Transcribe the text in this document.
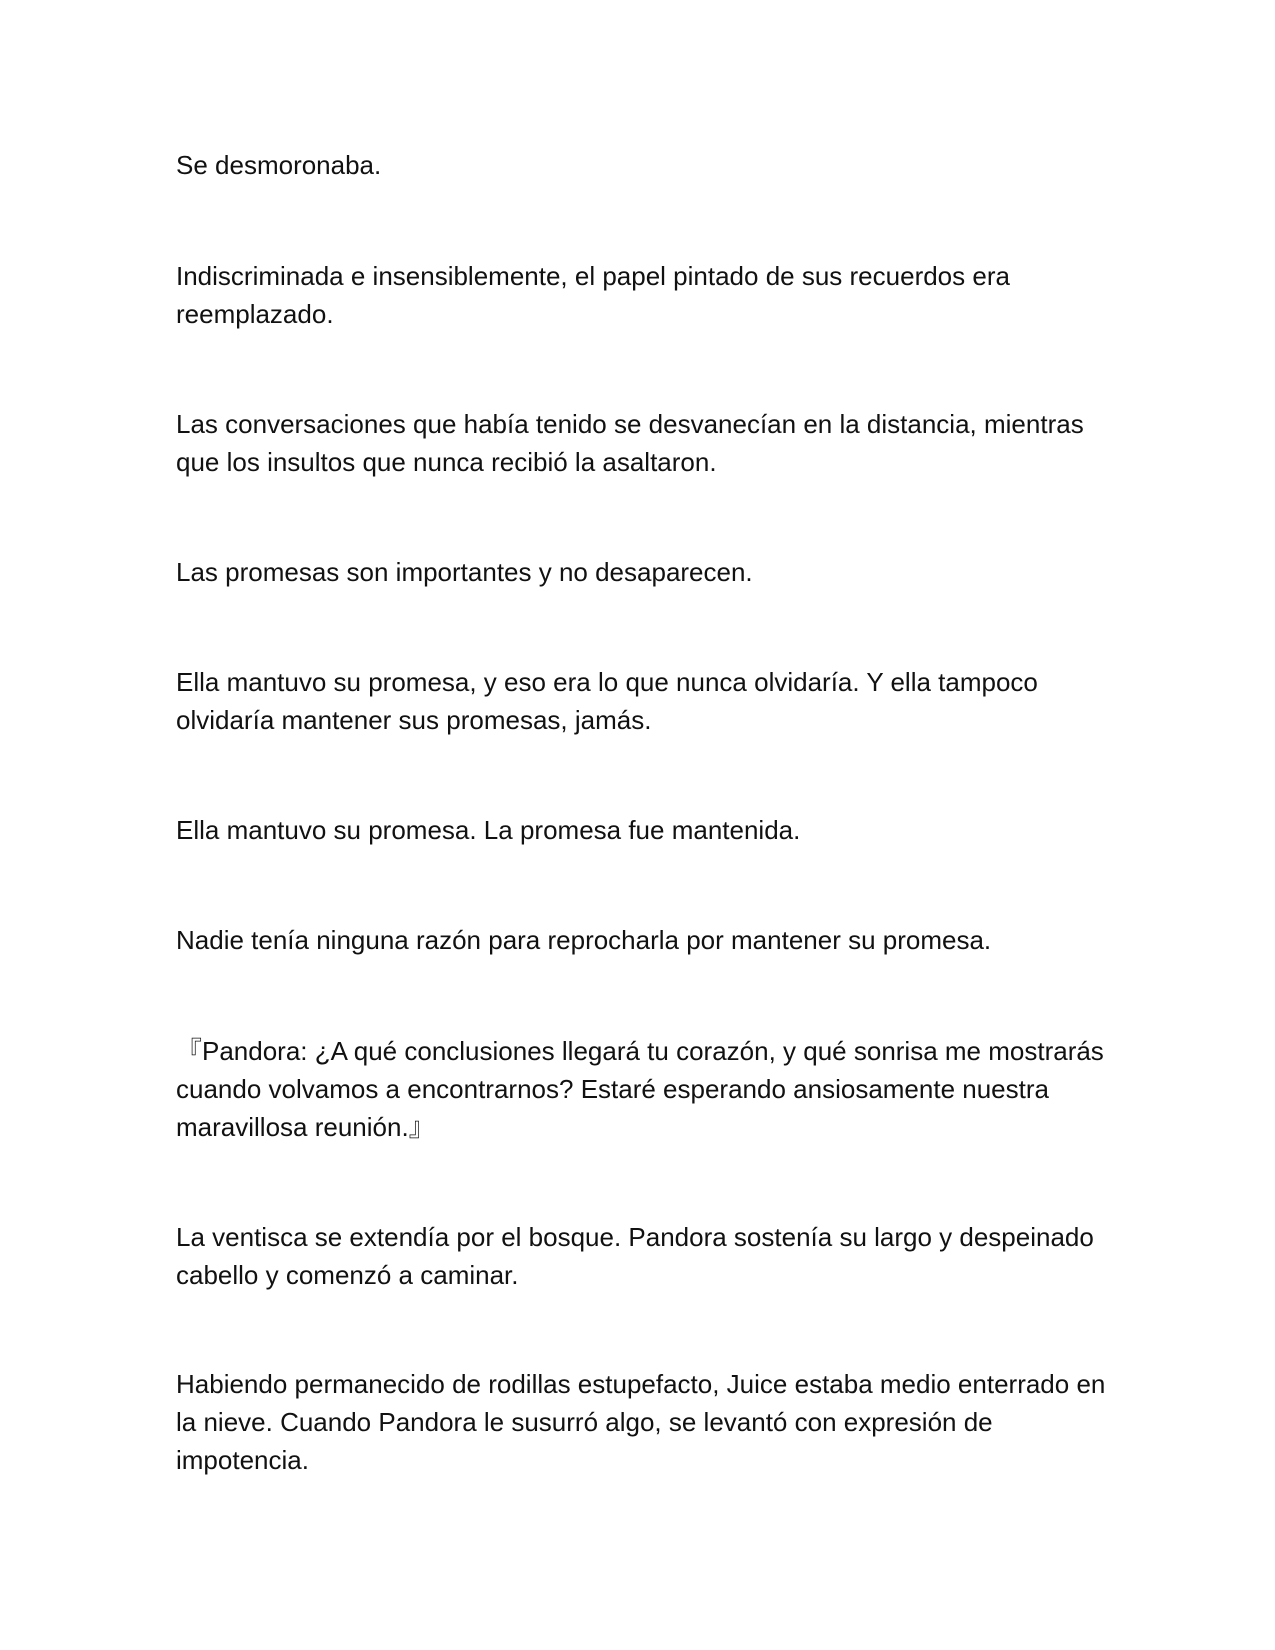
Se desmoronaba.

Indiscriminada e insensiblemente, el papel pintado de sus recuerdos era reemplazado.

Las conversaciones que había tenido se desvanecían en la distancia, mientras que los insultos que nunca recibió la asaltaron.

Las promesas son importantes y no desaparecen.

Ella mantuvo su promesa, y eso era lo que nunca olvidaría. Y ella tampoco olvidaría mantener sus promesas, jamás.

Ella mantuvo su promesa. La promesa fue mantenida.

Nadie tenía ninguna razón para reprocharla por mantener su promesa.

『Pandora: ¿A qué conclusiones llegará tu corazón, y qué sonrisa me mostrarás cuando volvamos a encontrarnos? Estaré esperando ansiosamente nuestra maravillosa reunión.』

La ventisca se extendía por el bosque. Pandora sostenía su largo y despeinado cabello y comenzó a caminar.

Habiendo permanecido de rodillas estupefacto, Juice estaba medio enterrado en la nieve. Cuando Pandora le susurró algo, se levantó con expresión de impotencia.
